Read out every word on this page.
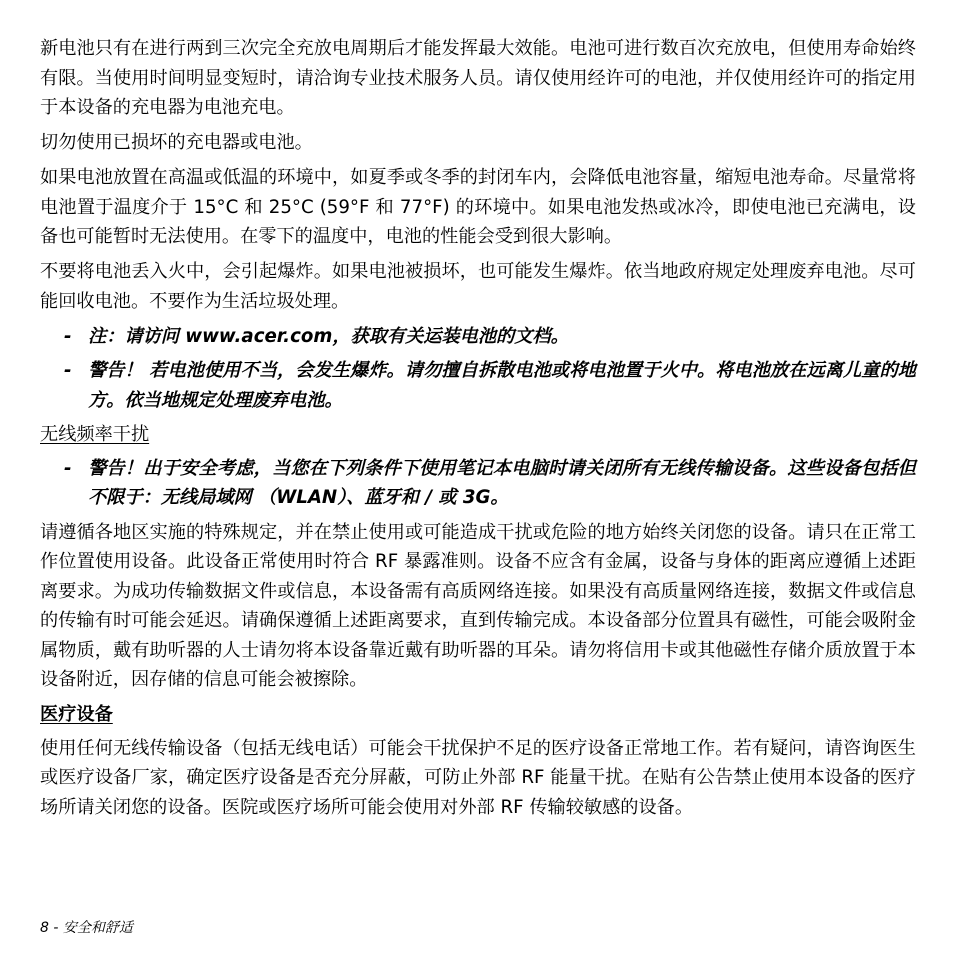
新电池只有在进行两到三次完全充放电周期后才能发挥最大效能。电池可进行数百次充放电，但使用寿命始终有限。当使用时间明显变短时，请洽询专业技术服务人员。请仅使用经许可的电池，并仅使用经许可的指定用于本设备的充电器为电池充电。

切勿使用已损坏的充电器或电池。

如果电池放置在高温或低温的环境中，如夏季或冬季的封闭车内，会降低电池容量，缩短电池寿命。尽量常将电池置于温度介于 15°C 和 25°C (59°F 和 77°F) 的环境中。如果电池发热或冰冷，即使电池已充满电，设备也可能暂时无法使用。在零下的温度中，电池的性能会受到很大影响。

不要将电池丢入火中，会引起爆炸。如果电池被损坏，也可能发生爆炸。依当地政府规定处理废弃电池。尽可能回收电池。不要作为生活垃圾处理。

- 注：请访问 www.acer.com，获取有关运装电池的文档。
- 警告！ 若电池使用不当，会发生爆炸。请勿擅自拆散电池或将电池置于火中。将电池放在远离儿童的地方。依当地规定处理废弃电池。
无线频率干扰
- 警告！出于安全考虑，当您在下列条件下使用笔记本电脑时请关闭所有无线传输设备。这些设备包括但不限于：无线局域网 （WLAN）、蓝牙和 / 或 3G。

请遵循各地区实施的特殊规定，并在禁止使用或可能造成干扰或危险的地方始终关闭您的设备。请只在正常工作位置使用设备。此设备正常使用时符合 RF 暴露准则。设备不应含有金属，设备与身体的距离应遵循上述距离要求。为成功传输数据文件或信息，本设备需有高质网络连接。如果没有高质量网络连接，数据文件或信息的传输有时可能会延迟。请确保遵循上述距离要求，直到传输完成。本设备部分位置具有磁性，可能会吸附金属物质，戴有助听器的人士请勿将本设备靠近戴有助听器的耳朵。请勿将信用卡或其他磁性存储介质放置于本设备附近，因存储的信息可能会被擦除。

医疗设备

使用任何无线传输设备（包括无线电话）可能会干扰保护不足的医疗设备正常地工作。若有疑问，请咨询医生或医疗设备厂家，确定医疗设备是否充分屏蔽，可防止外部 RF 能量干扰。在贴有公告禁止使用本设备的医疗场所请关闭您的设备。医院或医疗场所可能会使用对外部 RF 传输较敏感的设备。

8 - 安全和舒适
